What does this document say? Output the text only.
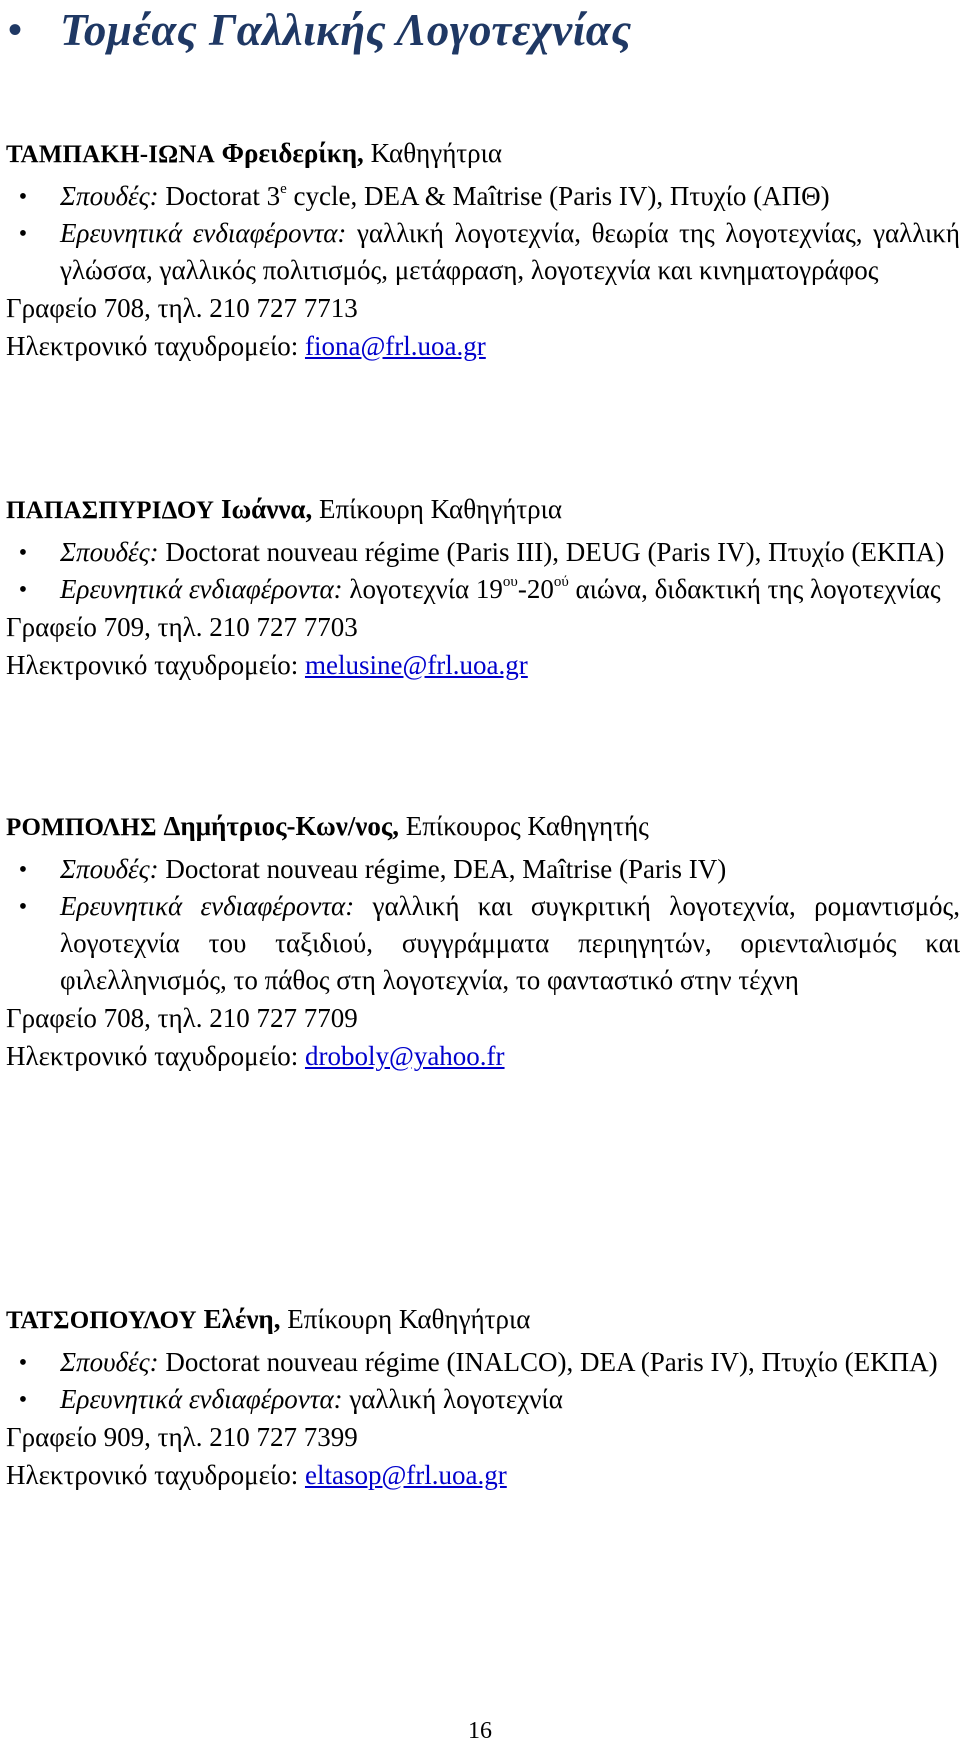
• Τομέας Γαλλικής Λογοτεχνίας
ΤΑΜΠΑΚΗ-ΙΩΝΑ Φρειδερίκη, Καθηγήτρια
•	Σπουδές: Doctorat 3e cycle, DEA & Maîtrise (Paris IV), Πτυχίο (ΑΠΘ)
•	Ερευνητικά ενδιαφέροντα: γαλλική λογοτεχνία, θεωρία της λογοτεχνίας, γαλλική γλώσσα, γαλλικός πολιτισμός, μετάφραση, λογοτεχνία και κινηματογράφος
Γραφείο 708, τηλ. 210 727 7713
Ηλεκτρονικό ταχυδρομείο: fiona@frl.uoa.gr
ΠΑΠΑΣΠΥΡΙΔΟΥ Ιωάννα, Επίκουρη Καθηγήτρια
•	Σπουδές: Doctorat nouveau régime (Paris III), DEUG (Paris IV), Πτυχίο (ΕΚΠΑ)
•	Ερευνητικά ενδιαφέροντα: λογοτεχνία $19^{o\upsilon}-20^{oύ}$ αιώνα, διδακτική της λογοτεχνίας
Γραφείο 709, τηλ. 210 727 7703
Ηλεκτρονικό ταχυδρομείο: melusine@frl.uoa.gr
ΡΟΜΠΟΛΗΣ Δημήτριος-Κων/νος, Επίκουρος Καθηγητής
•	Σπουδές: Doctorat nouveau régime, DEA, Maîtrise (Paris IV)
•	Ερευνητικά ενδιαφέροντα: γαλλική και συγκριτική λογοτεχνία, ρομαντισμός, λογοτεχνία του ταξιδιού, συγγράμματα περιηγητών, οριενταλισμός και φιλελληνισμός, το πάθος στη λογοτεχνία, το φανταστικό στην τέχνη
Γραφείο 708, τηλ. 210 727 7709
Ηλεκτρονικό ταχυδρομείο: droboly@yahoo.fr
ΤΑΤΣΟΠΟΥΛΟΥ Ελένη, Επίκουρη Καθηγήτρια
•	Σπουδές: Doctorat nouveau régime (INALCO), DEA (Paris IV), Πτυχίο (ΕΚΠΑ)
•	Ερευνητικά ενδιαφέροντα: γαλλική λογοτεχνία
Γραφείο 909, τηλ. 210 727 7399
Ηλεκτρονικό ταχυδρομείο: eltasop@frl.uoa.gr
16
